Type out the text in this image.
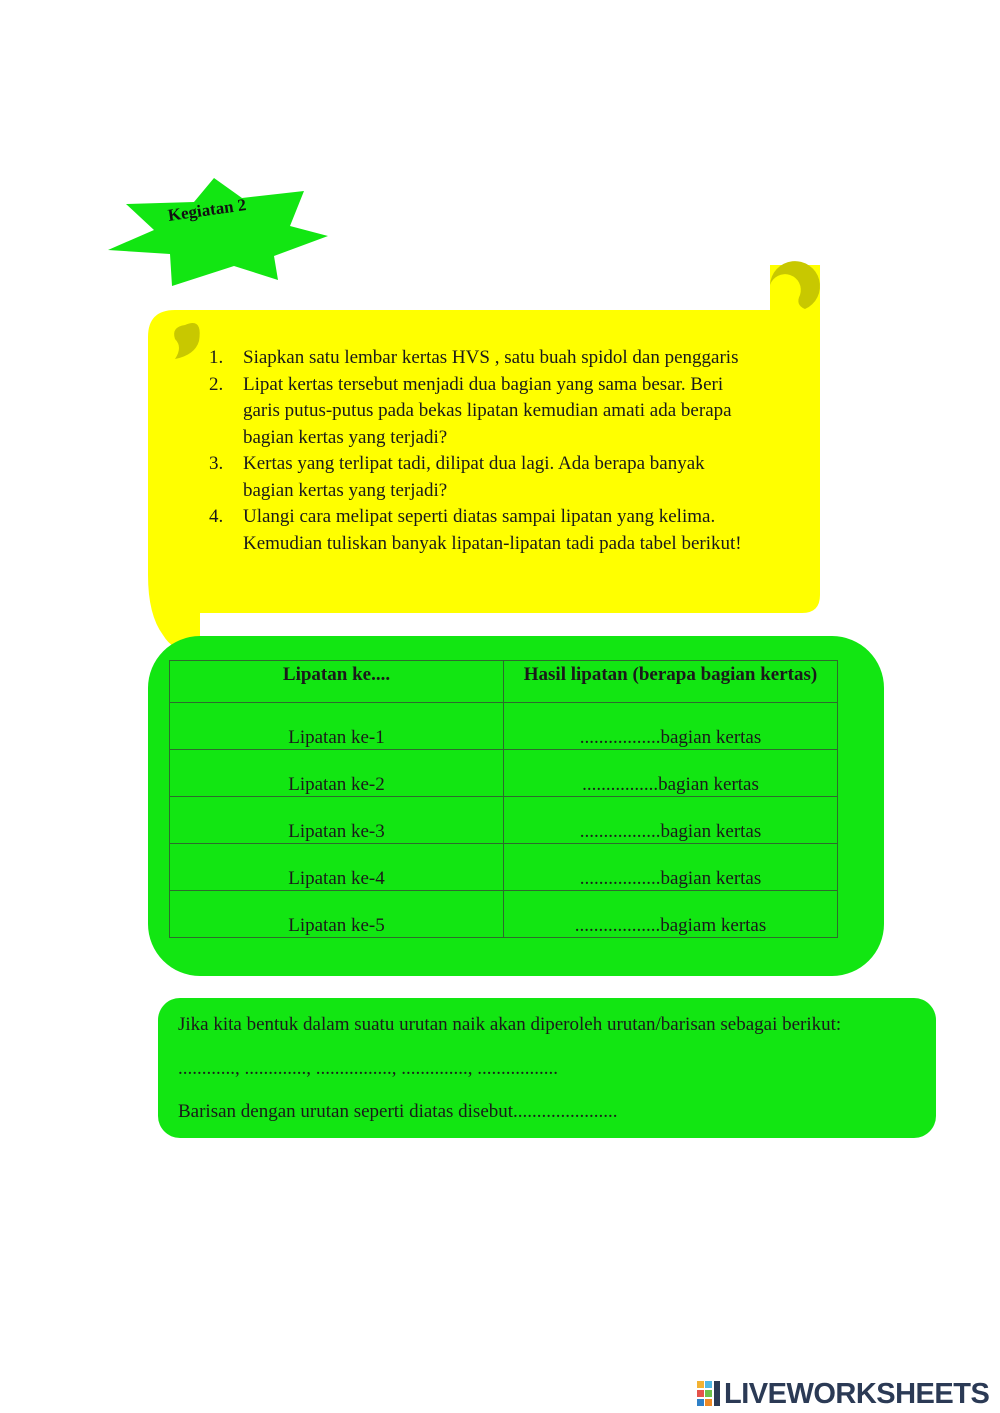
Kegiatan 2
1. Siapkan satu lembar kertas HVS , satu buah spidol dan penggaris
2. Lipat kertas tersebut menjadi dua bagian yang sama besar. Beri
garis putus-putus pada bekas lipatan kemudian amati ada berapa
bagian kertas yang terjadi?
3. Kertas yang terlipat tadi, dilipat dua lagi. Ada berapa banyak
bagian kertas yang terjadi?
4. Ulangi cara melipat seperti diatas sampai lipatan yang kelima.
Kemudian tuliskan banyak lipatan-lipatan tadi pada tabel berikut!
Lipatan ke....	Hasil lipatan (berapa bagian kertas)
Lipatan ke-1	.................bagian kertas
Lipatan ke-2	................bagian kertas
Lipatan ke-3	.................bagian kertas
Lipatan ke-4	.................bagian kertas
Lipatan ke-5	..................bagiam kertas
Jika kita bentuk dalam suatu urutan naik akan diperoleh urutan/barisan sebagai berikut:
............, ............., ................, .............., .................
Barisan dengan urutan seperti diatas disebut......................
LIVEWORKSHEETS
